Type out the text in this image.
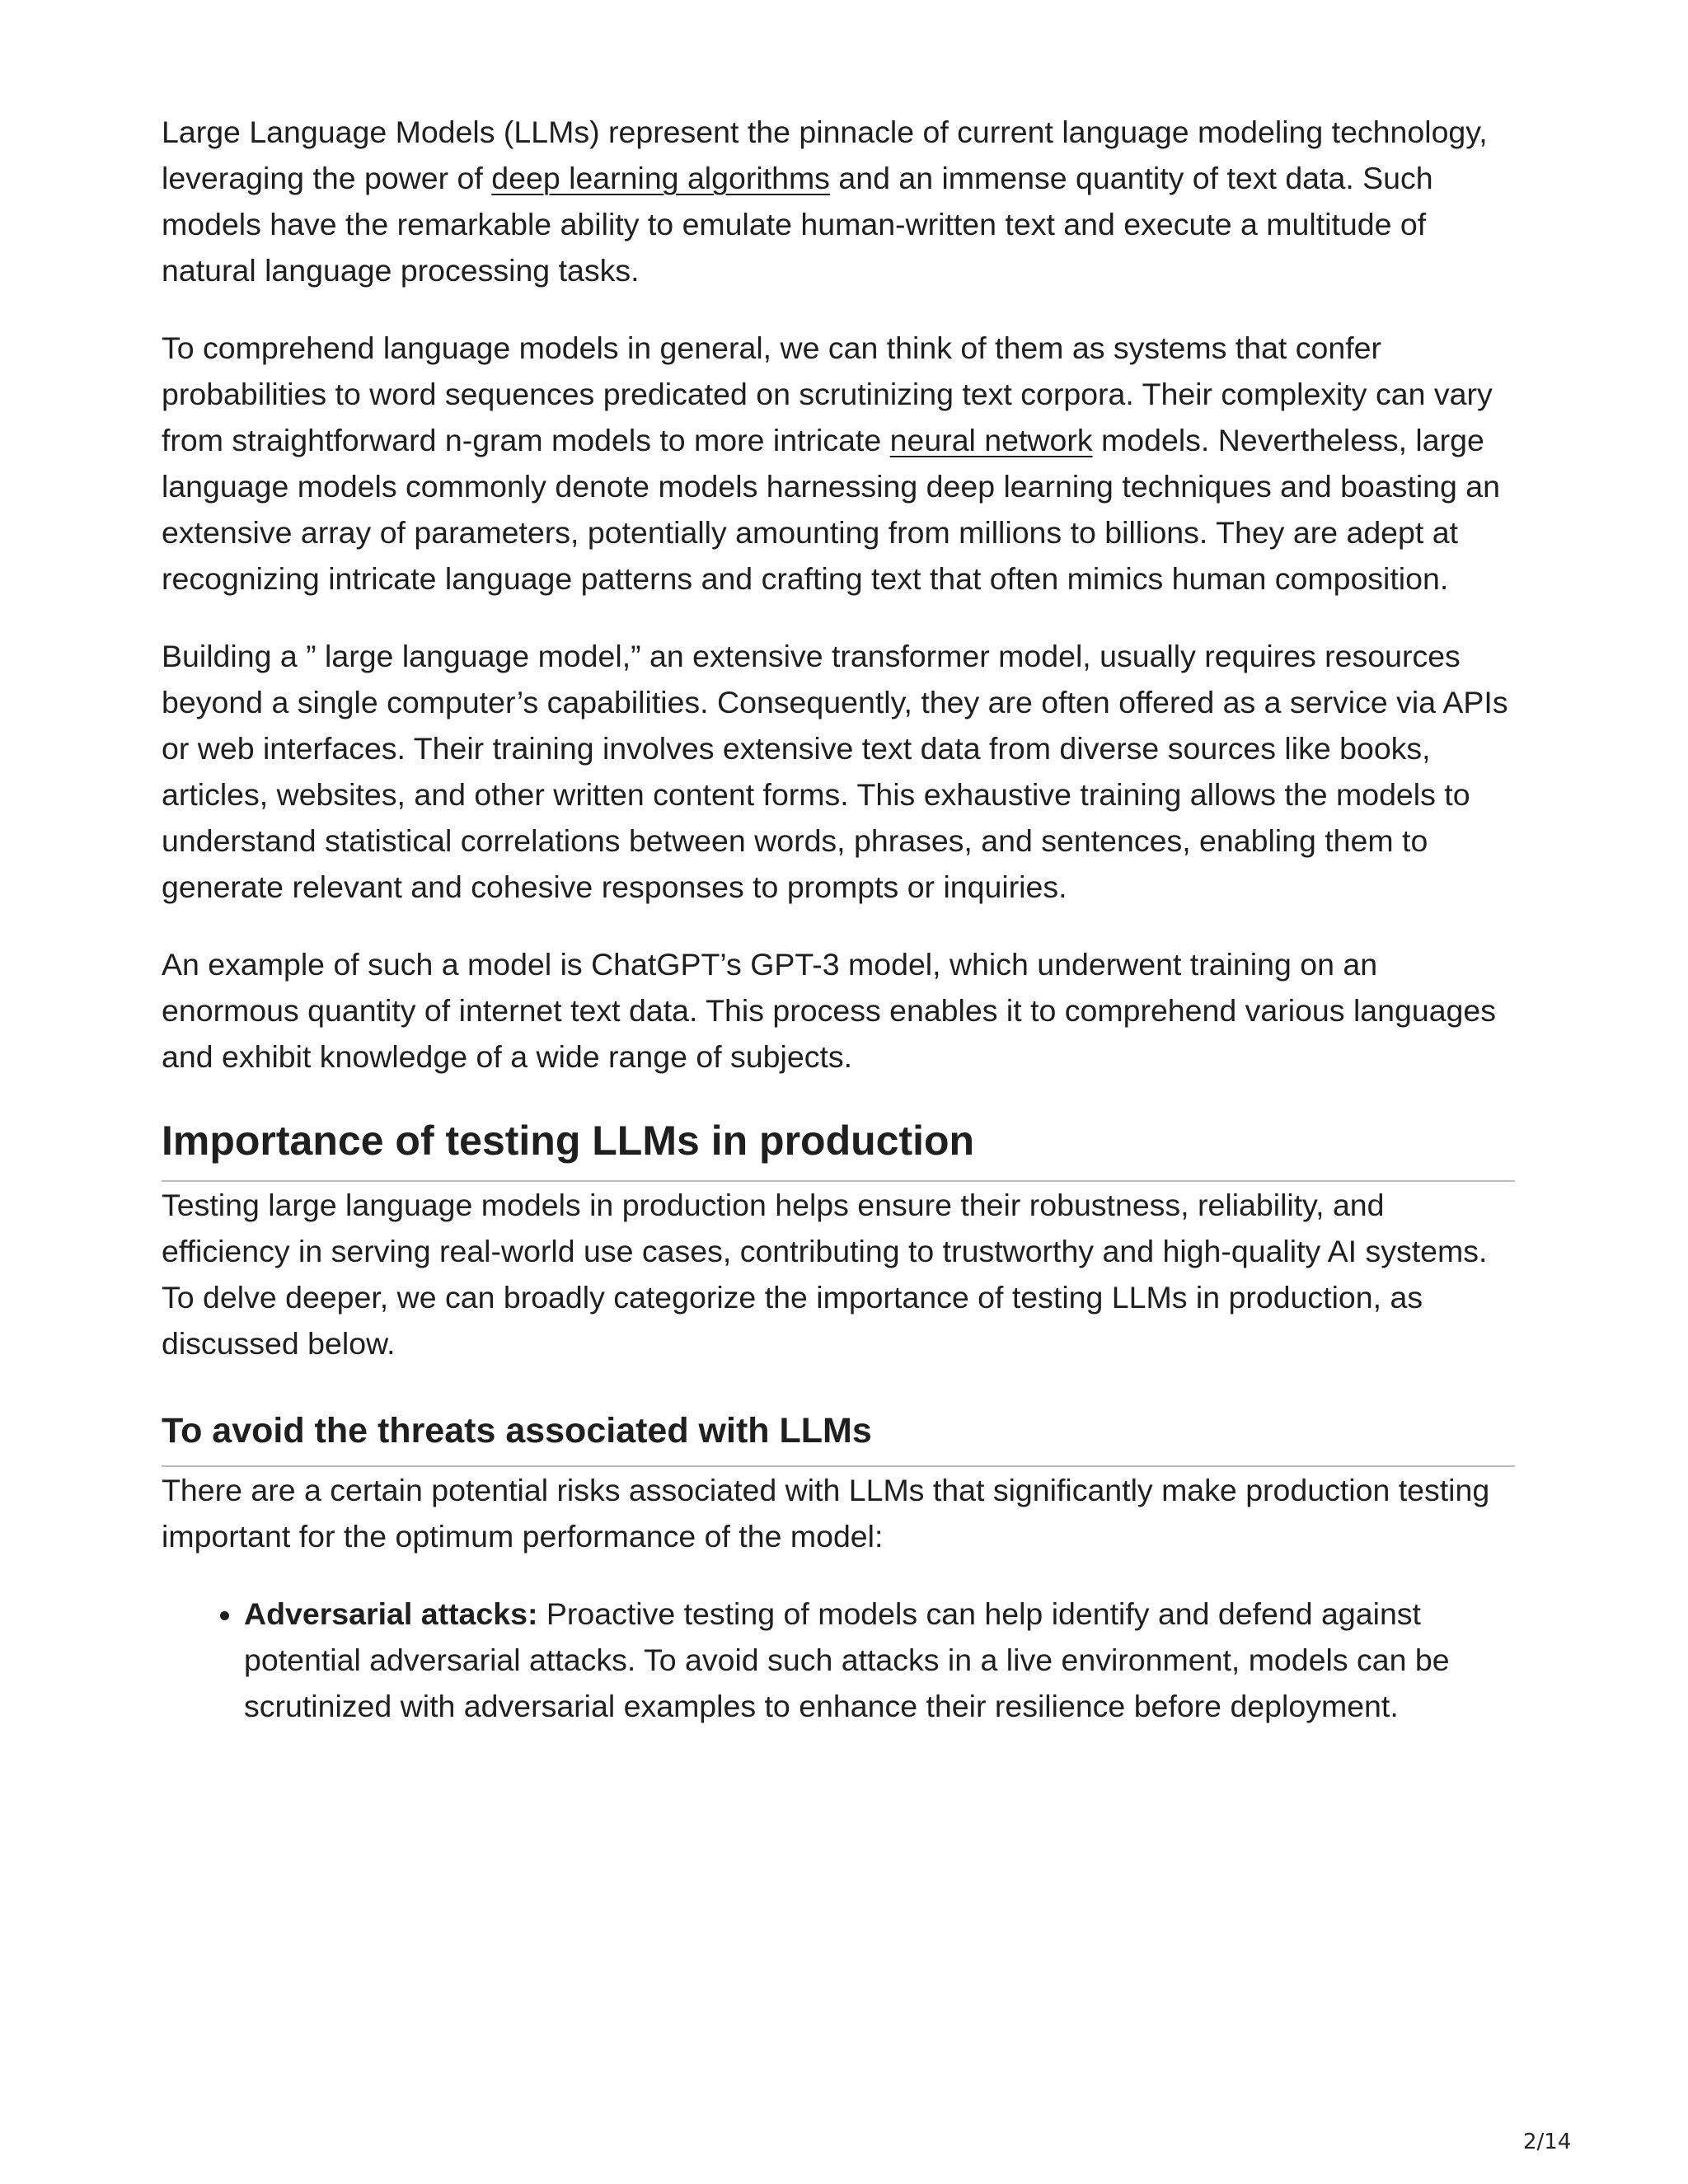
Large Language Models (LLMs) represent the pinnacle of current language modeling technology, leveraging the power of deep learning algorithms and an immense quantity of text data. Such models have the remarkable ability to emulate human-written text and execute a multitude of natural language processing tasks.

To comprehend language models in general, we can think of them as systems that confer probabilities to word sequences predicated on scrutinizing text corpora. Their complexity can vary from straightforward n-gram models to more intricate neural network models. Nevertheless, large language models commonly denote models harnessing deep learning techniques and boasting an extensive array of parameters, potentially amounting from millions to billions. They are adept at recognizing intricate language patterns and crafting text that often mimics human composition.

Building a ” large language model,” an extensive transformer model, usually requires resources beyond a single computer’s capabilities. Consequently, they are often offered as a service via APIs or web interfaces. Their training involves extensive text data from diverse sources like books, articles, websites, and other written content forms. This exhaustive training allows the models to understand statistical correlations between words, phrases, and sentences, enabling them to generate relevant and cohesive responses to prompts or inquiries.

An example of such a model is ChatGPT’s GPT-3 model, which underwent training on an enormous quantity of internet text data. This process enables it to comprehend various languages and exhibit knowledge of a wide range of subjects.

Importance of testing LLMs in production

Testing large language models in production helps ensure their robustness, reliability, and efficiency in serving real-world use cases, contributing to trustworthy and high-quality AI systems. To delve deeper, we can broadly categorize the importance of testing LLMs in production, as discussed below.

To avoid the threats associated with LLMs

There are a certain potential risks associated with LLMs that significantly make production testing important for the optimum performance of the model:

• Adversarial attacks: Proactive testing of models can help identify and defend against potential adversarial attacks. To avoid such attacks in a live environment, models can be scrutinized with adversarial examples to enhance their resilience before deployment.
2/14
